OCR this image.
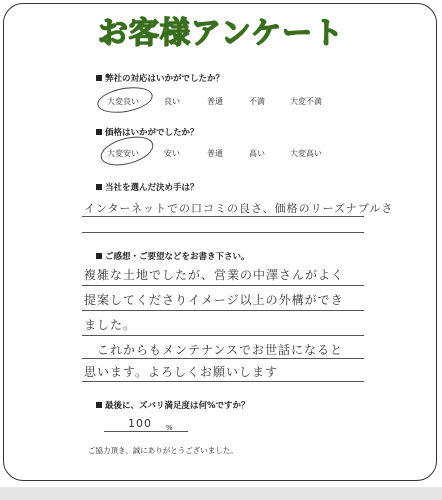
お客様アンケート
弊社の対応はいかがでしたか？
大変良い	良い	普通	不満	大変不満
価格はいかがでしたか？
大変安い	安い	普通	高い	大変高い
当社を選んだ決め手は？
インターネットでの口コミの良さ、価格のリーズナブルさ
ご感想・ご要望などをお書き下さい。
複雑な土地でしたが、営業の中澤さんがよく
提案してくださりイメージ以上の外構ができ
ました。
　これからもメンテナンスでお世話になると
思います。よろしくお願いします
最後に、ズバリ満足度は何%ですか？
100 %
ご協力頂き、誠にありがとうございました。
